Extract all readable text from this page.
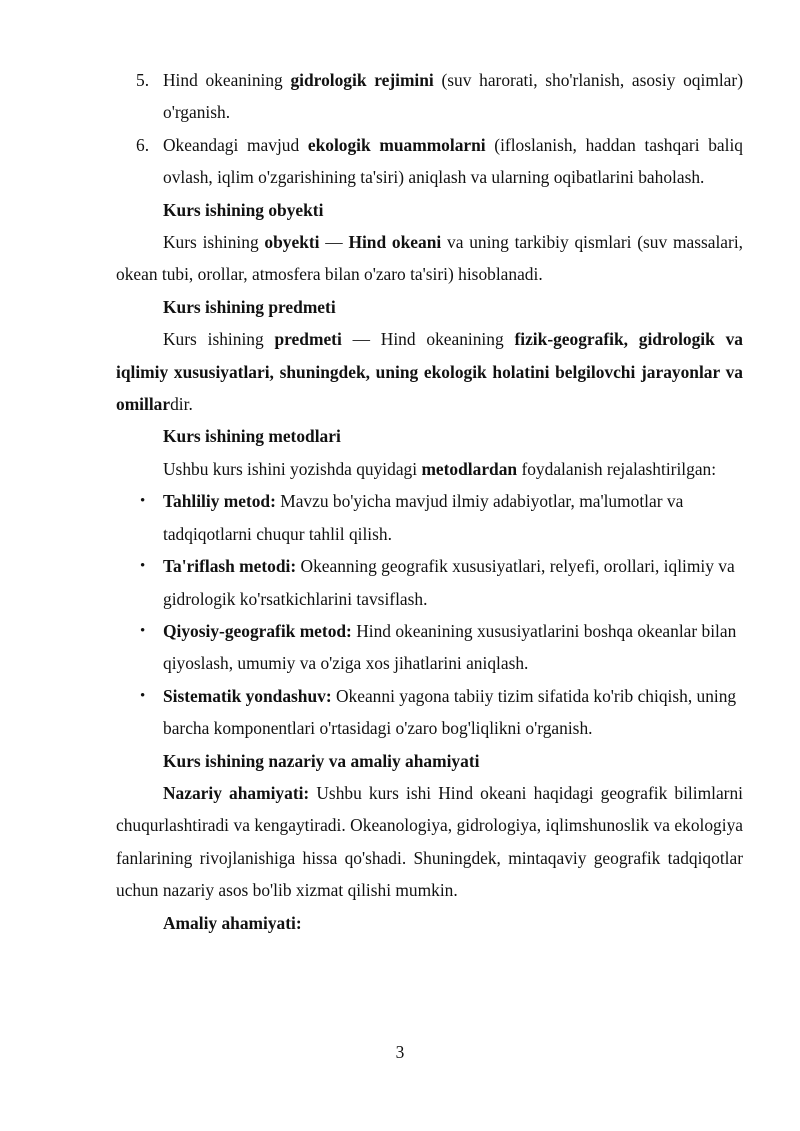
5. Hind okeanining gidrologik rejimini (suv harorati, sho'rlanish, asosiy oqimlar) o'rganish.
6. Okeandagi mavjud ekologik muammolarni (ifloslanish, haddan tashqari baliq ovlash, iqlim o'zgarishining ta'siri) aniqlash va ularning oqibatlarini baholash.

Kurs ishining obyekti

Kurs ishining obyekti — Hind okeani va uning tarkibiy qismlari (suv massalari, okean tubi, orollar, atmosfera bilan o'zaro ta'siri) hisoblanadi.

Kurs ishining predmeti

Kurs ishining predmeti — Hind okeanining fizik-geografik, gidrologik va iqlimiy xususiyatlari, shuningdek, uning ekologik holatini belgilovchi jarayonlar va omillardir.

Kurs ishining metodlari

Ushbu kurs ishini yozishda quyidagi metodlardan foydalanish rejalashtirilgan:

• Tahliliy metod: Mavzu bo'yicha mavjud ilmiy adabiyotlar, ma'lumotlar va tadqiqotlarni chuqur tahlil qilish.
• Ta'riflash metodi: Okeanning geografik xususiyatlari, relyefi, orollari, iqlimiy va gidrologik ko'rsatkichlarini tavsiflash.
• Qiyosiy-geografik metod: Hind okeanining xususiyatlarini boshqa okeanlar bilan qiyoslash, umumiy va o'ziga xos jihatlarini aniqlash.
• Sistematik yondashuv: Okeanni yagona tabiiy tizim sifatida ko'rib chiqish, uning barcha komponentlari o'rtasidagi o'zaro bog'liqlikni o'rganish.

Kurs ishining nazariy va amaliy ahamiyati

Nazariy ahamiyati: Ushbu kurs ishi Hind okeani haqidagi geografik bilimlarni chuqurlashtiradi va kengaytiradi. Okeanologiya, gidrologiya, iqlimshunoslik va ekologiya fanlarining rivojlanishiga hissa qo'shadi. Shuningdek, mintaqaviy geografik tadqiqotlar uchun nazariy asos bo'lib xizmat qilishi mumkin.

Amaliy ahamiyati:

3
